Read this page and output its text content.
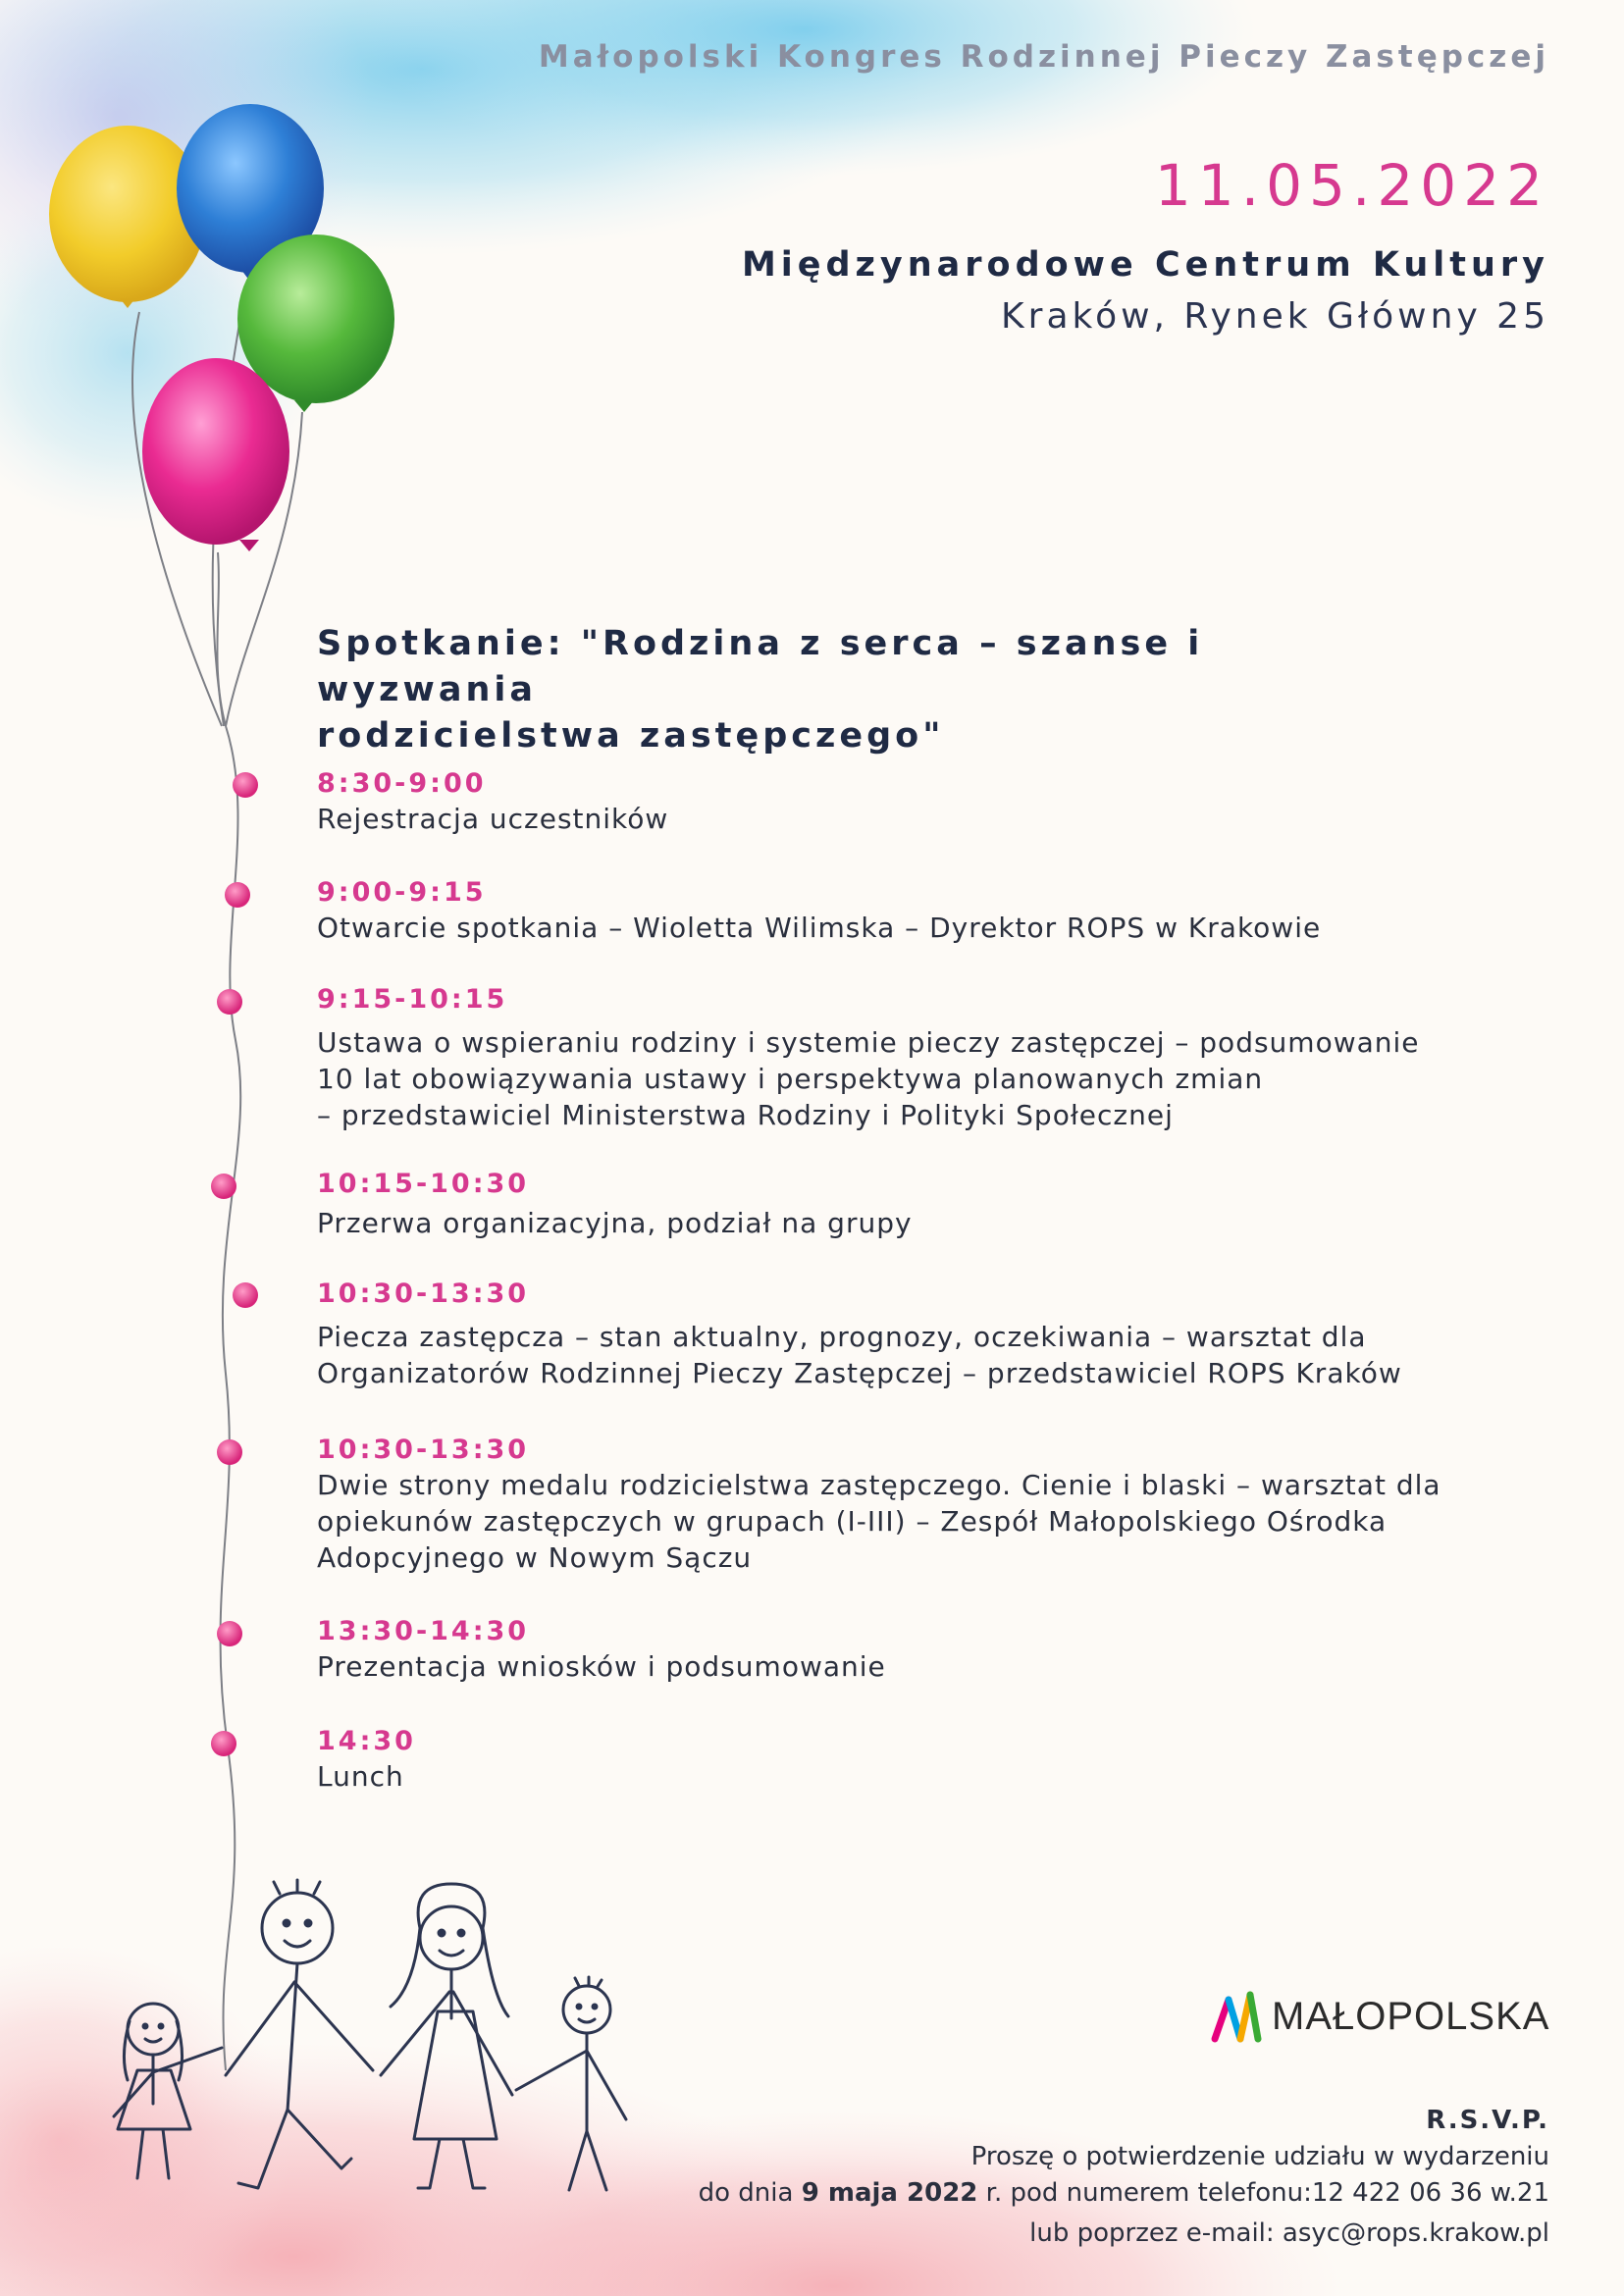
Małopolski Kongres Rodzinnej Pieczy Zastępczej
11.05.2022
Międzynarodowe Centrum Kultury
Kraków, Rynek Główny 25
Spotkanie: "Rodzina z serca – szanse i wyzwania
rodzicielstwa zastępczego"
8:30-9:00
Rejestracja uczestników
9:00-9:15
Otwarcie spotkania – Wioletta Wilimska – Dyrektor ROPS w Krakowie
9:15-10:15
Ustawa o wspieraniu rodziny i systemie pieczy zastępczej – podsumowanie
10 lat obowiązywania ustawy i perspektywa planowanych zmian
– przedstawiciel Ministerstwa Rodziny i Polityki Społecznej
10:15-10:30
Przerwa organizacyjna, podział na grupy
10:30-13:30
Piecza zastępcza – stan aktualny, prognozy, oczekiwania – warsztat dla
Organizatorów Rodzinnej Pieczy Zastępczej – przedstawiciel ROPS Kraków
10:30-13:30
Dwie strony medalu rodzicielstwa zastępczego. Cienie i blaski – warsztat dla
opiekunów zastępczych w grupach (I-III) – Zespół Małopolskiego Ośrodka
Adopcyjnego w Nowym Sączu
13:30-14:30
Prezentacja wniosków i podsumowanie
14:30
Lunch
MAŁOPOLSKA
R.S.V.P.
Proszę o potwierdzenie udziału w wydarzeniu
do dnia 9 maja 2022 r. pod numerem telefonu:12 422 06 36 w.21
lub poprzez e-mail: asyc@rops.krakow.pl
